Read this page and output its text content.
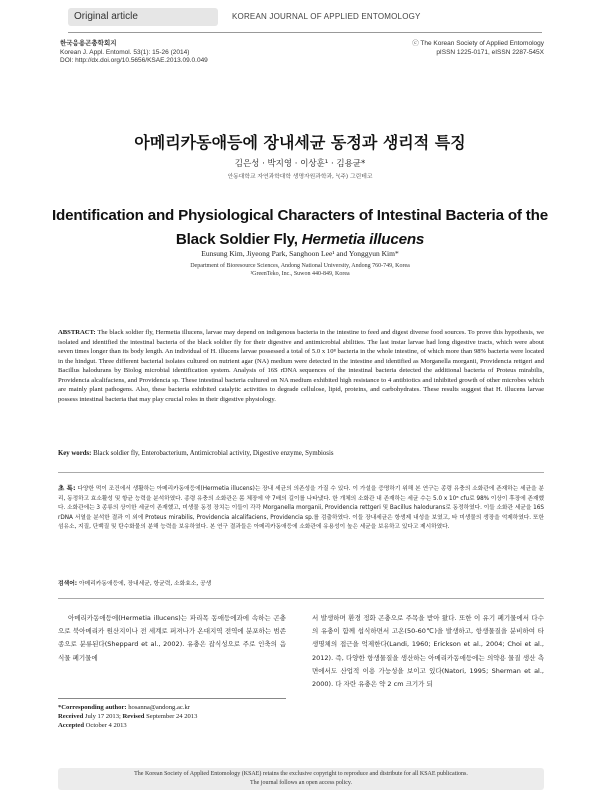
Original article	KOREAN JOURNAL OF APPLIED ENTOMOLOGY
한국응용곤충학회지
Korean J. Appl. Entomol. 53(1): 15-26 (2014)
DOI: http://dx.doi.org/10.5656/KSAE.2013.09.0.049
ⓒ The Korean Society of Applied Entomology
pISSN 1225-0171, eISSN 2287-545X
아메리카동애등에 장내세균 동정과 생리적 특징
김은성 · 박지영 · 이상훈¹ · 김용균*
안동대학교 자연과학대학 생명자원과학과, ¹(주) 그린테코
Identification and Physiological Characters of Intestinal Bacteria of the Black Soldier Fly, Hermetia illucens
Eunsung Kim, Jiyeong Park, Sanghoon Lee¹ and Yonggyun Kim*
Department of Bioresource Sciences, Andong National University, Andong 760-749, Korea
¹GreenTeko, Inc., Suwon 440-849, Korea
ABSTRACT: The black soldier fly, Hermetia illucens, larvae may depend on indigenous bacteria in the intestine to feed and digest diverse food sources. To prove this hypothesis, we isolated and identified the intestinal bacteria of the black soldier fly for their digestive and antimicrobial abilities. The last instar larvae had long digestive tracts, which were about seven times longer than its body length. An individual of H. illucens larvae possessed a total of 5.0 x 10⁸ bacteria in the whole intestine, of which more than 98% bacteria were located in the hindgut. Three different bacterial isolates cultured on nutrient agar (NA) medium were detected in the intestine and identified as Morganella morganii, Providencia rettgeri and Bacillus halodurans by Biolog microbial identification system. Analysis of 16S rDNA sequences of the intestinal bacteria detected the additional bacteria of Proteus mirabilis, Providencia alcalifaciens, and Providencia sp. These intestinal bacteria cultured on NA medium exhibited high resistance to 4 antibiotics and inhibited growth of other microbes which are mainly plant pathogens. Also, these bacteria exhibited catalytic activities to degrade cellulose, lipid, proteins, and carbohydrates. These results suggest that H. illucens larvae possess intestinal bacteria that may play crucial roles in their digestive physiology.
Key words: Black soldier fly, Enterobacterium, Antimicrobial activity, Digestive enzyme, Symbiosis
초 록: 다양한 먹이 조건에서 생활하는 아메리카동애등에(Hermetia illucens)는 장내 세균의 의존성을 가질 수 있다. 이 가설을 증명하기 위해 본 연구는 종령 유충의 소화관에 존재하는 세균을 분리, 동정하고 효소활성 및 항균 능력을 분석하였다. 종령 유충의 소화관은 몸 체장에 약 7배의 길이를 나타냈다. 한 개체의 소화관 내 존재하는 세균 수는 5.0 x 10⁸ cfu로 98% 이상이 후장에 존재했다. 소화관에는 3 종류의 상이한 세균이 존재했고, 미생물 동정 장치는 이들이 각각 Morganella morganii, Providencia rettgeri 및 Bacillus halodurans로 동정하였다. 이들 소화관 세균을 16S rDNA 서열을 분석한 결과 이 외에 Proteus mirabilis, Providencia alcalifaciens, Providencia sp.를 검출하였다. 이들 장내세균은 항생제 내성을 보였고, 타 미생물의 생장을 억제하였다. 또한 섬유소, 지질, 단백질 및 탄수화물의 분해 능력을 보유하였다. 본 연구 결과들은 아메리카동애등에 소화관에 유용성이 높은 세균을 보유하고 있다고 제시하였다.
검색어: 아메리카동애등에, 장내세균, 항균력, 소화효소, 공생
아메리카동애등에(Hermetia illucens)는 파리목 동애등에과에 속하는 곤충으로 북아메리카 원산지이나 전 세계로 퍼져나가 온대지역 전역에 분포하는 범존종으로 분류된다(Sheppard et al., 2002). 유충은 잡식성으로 주로 인축의 음식물 폐기물에
서 발생하며 환경 정화 곤충으로 주목을 받아 왔다. 또한 이 유기 폐기물에서 다수의 유충이 함께 섭식하면서 고온(50-60℃)을 발생하고, 항생물질을 분비하여 타 생명체의 접근을 억제한다(Landi, 1960; Erickson et al., 2004; Choi et al., 2012). 즉, 다양한 항생물질을 생산하는 아메리카동애등에는 의약용 물질 생산 측면에서도 산업적 이용 가능성을 보이고 있다(Natori, 1995; Sherman et al., 2000). 다 자란 유충은 약 2 cm 크기가 되
*Corresponding author: hosanna@andong.ac.kr
Received July 17 2013; Revised September 24 2013
Accepted October 4 2013
The Korean Society of Applied Entomology (KSAE) retains the exclusive copyright to reproduce and distribute for all KSAE publications.
The journal follows an open access policy.
